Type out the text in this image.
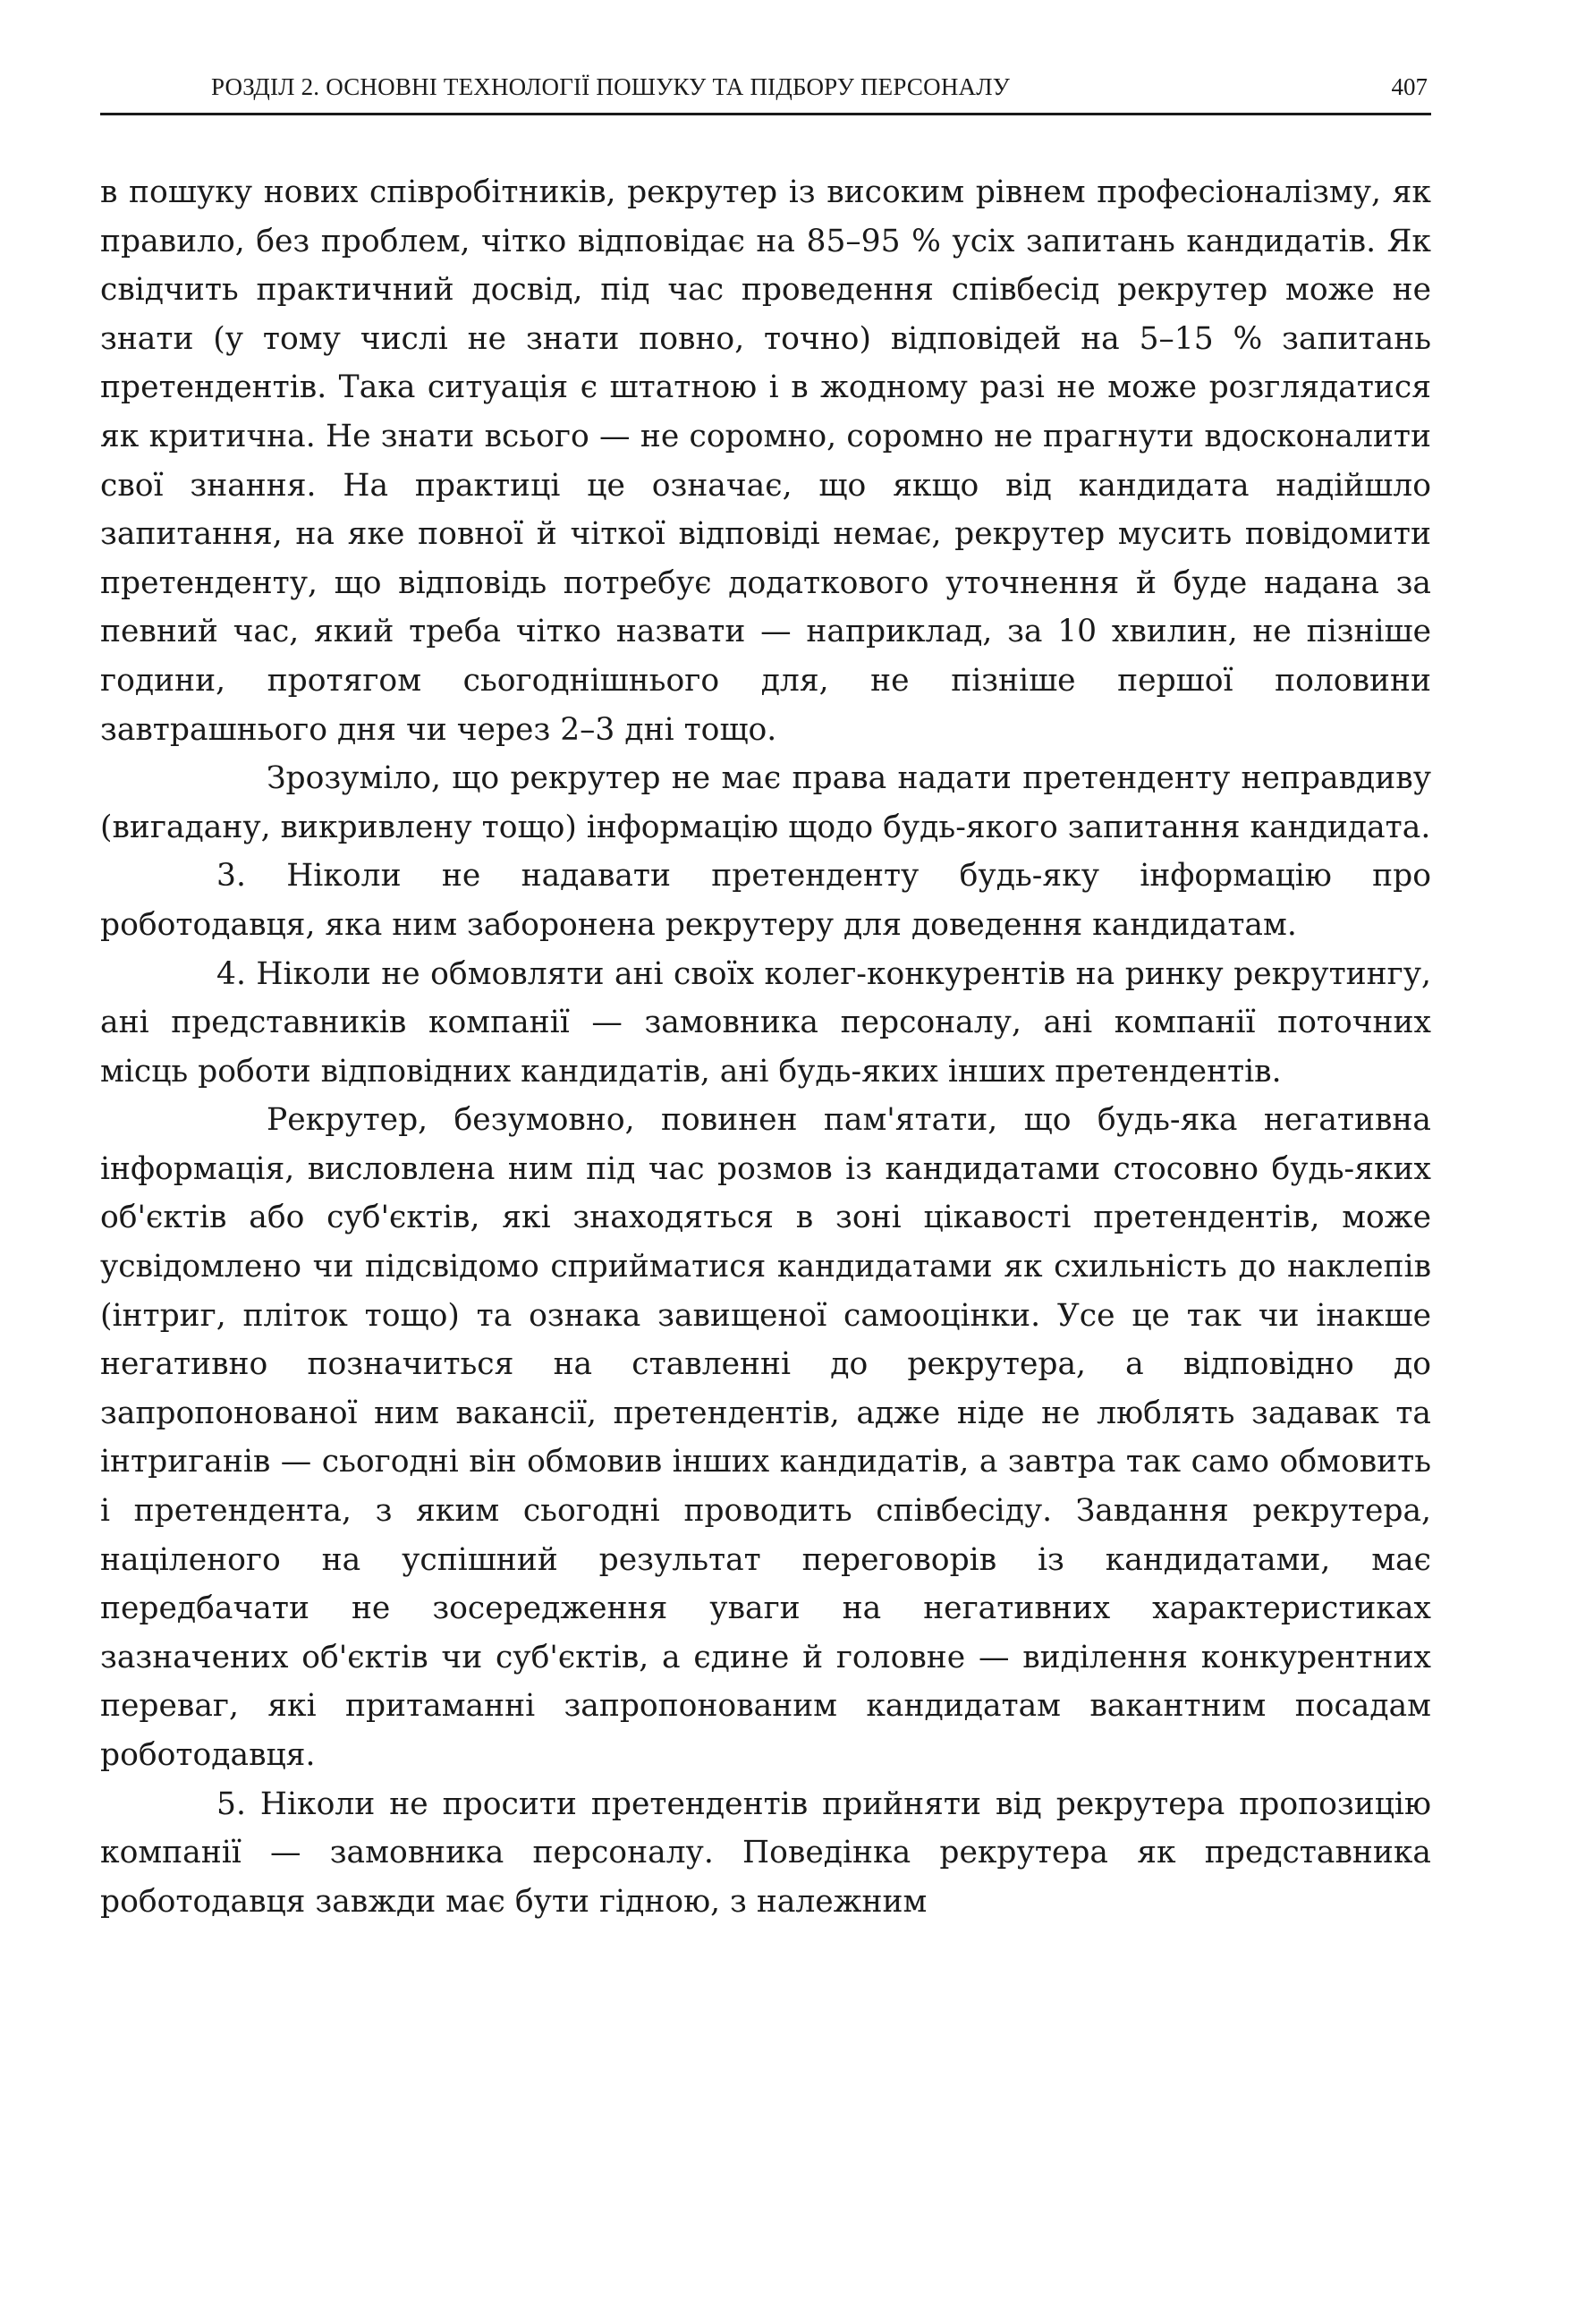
РОЗДІЛ 2. ОСНОВНІ ТЕХНОЛОГІЇ ПОШУКУ ТА ПІДБОРУ ПЕРСОНАЛУ	407

в пошуку нових співробітників, рекрутер із високим рівнем професіоналізму, як правило, без проблем, чітко відповідає на 85–95 % усіх запитань кандидатів. Як свідчить практичний досвід, під час проведення співбесід рекрутер може не знати (у тому числі не знати повно, точно) відповідей на 5–15 % запитань претендентів. Така ситуація є штатною і в жодному разі не може розглядатися як критична. Не знати всього — не соромно, соромно не прагнути вдосконалити свої знання. На практиці це означає, що якщо від кандидата надійшло запитання, на яке повної й чіткої відповіді немає, рекрутер мусить повідомити претенденту, що відповідь потребує додаткового уточнення й буде надана за певний час, який треба чітко назвати — наприклад, за 10 хвилин, не пізніше години, протягом сьогоднішнього для, не пізніше першої половини завтрашнього дня чи через 2–3 дні тощо.

Зрозуміло, що рекрутер не має права надати претенденту неправдиву (вигадану, викривлену тощо) інформацію щодо будь-якого запитання кандидата.

3. Ніколи не надавати претенденту будь-яку інформацію про роботодавця, яка ним заборонена рекрутеру для доведення кандидатам.

4. Ніколи не обмовляти ані своїх колег-конкурентів на ринку рекрутингу, ані представників компанії — замовника персоналу, ані компанії поточних місць роботи відповідних кандидатів, ані будь-яких інших претендентів.

Рекрутер, безумовно, повинен пам'ятати, що будь-яка негативна інформація, висловлена ним під час розмов із кандидатами стосовно будь-яких об'єктів або суб'єктів, які знаходяться в зоні цікавості претендентів, може усвідомлено чи підсвідомо сприйматися кандидатами як схильність до наклепів (інтриг, пліток тощо) та ознака завищеної самооцінки. Усе це так чи інакше негативно позначиться на ставленні до рекрутера, а відповідно до запропонованої ним вакансії, претендентів, адже ніде не люблять задавак та інтриганів — сьогодні він обмовив інших кандидатів, а завтра так само обмовить і претендента, з яким сьогодні проводить співбесіду. Завдання рекрутера, націленого на успішний результат переговорів із кандидатами, має передбачати не зосередження уваги на негативних характеристиках зазначених об'єктів чи суб'єктів, а єдине й головне — виділення конкурентних переваг, які притаманні запропонованим кандидатам вакантним посадам роботодавця.

5. Ніколи не просити претендентів прийняти від рекрутера пропозицію компанії — замовника персоналу. Поведінка рекрутера як представника роботодавця завжди має бути гідною, з належним
